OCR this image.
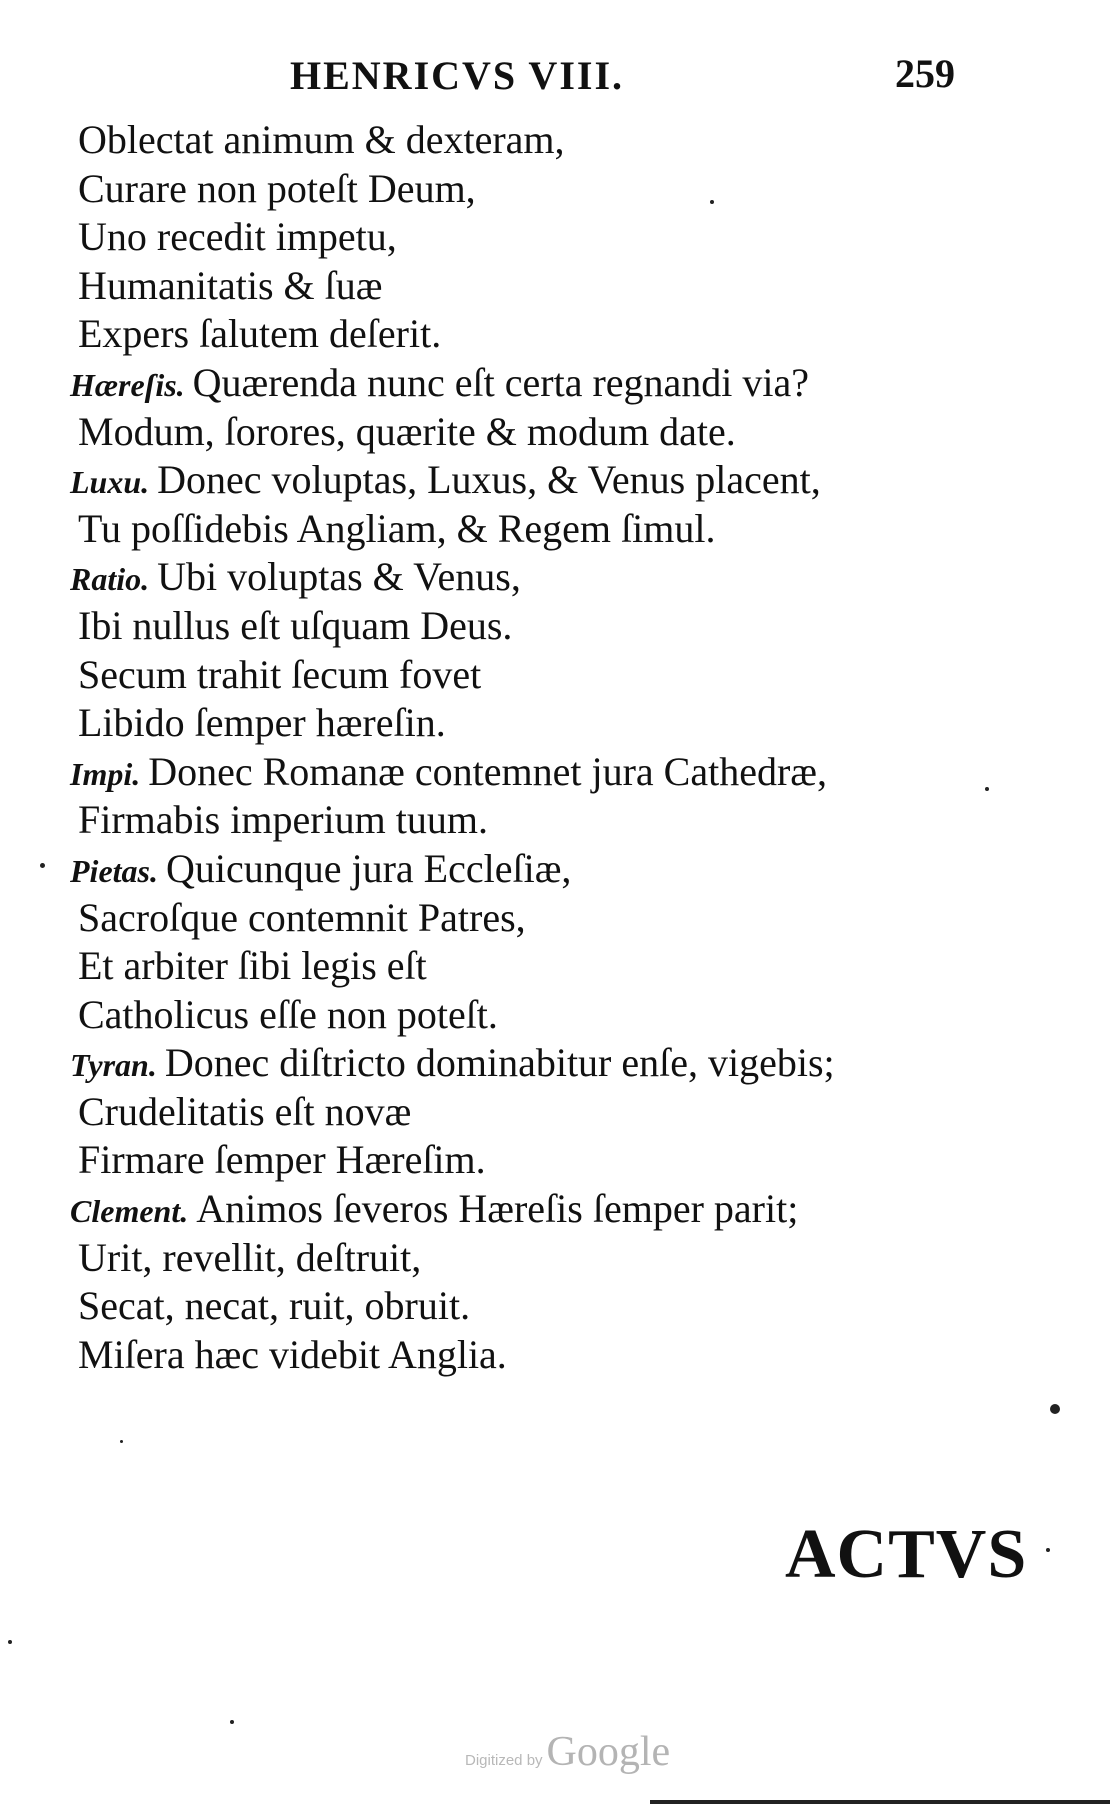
HENRICVS VIII.	259
Oblectat animum & dexteram,
Curare non poteſt Deum,
Uno recedit impetu,
Humanitatis & ſuæ
Expers ſalutem deſerit.
Hæreſis. Quærenda nunc eſt certa regnandi via?
Modum, ſorores, quærite & modum date.
Luxu. Donec voluptas, Luxus, & Venus placent,
Tu poſſidebis Angliam, & Regem ſimul.
Ratio. Ubi voluptas & Venus,
Ibi nullus eſt uſquam Deus.
Secum trahit ſecum fovet
Libido ſemper hæreſin.
Impi. Donec Romanæ contemnet jura Cathedræ,
Firmabis imperium tuum.
Pietas. Quicunque jura Eccleſiæ,
Sacroſque contemnit Patres,
Et arbiter ſibi legis eſt
Catholicus eſſe non poteſt.
Tyran. Donec diſtricto dominabitur enſe, vigebis;
Crudelitatis eſt novæ
Firmare ſemper Hæreſim.
Clement. Animos ſeveros Hæreſis ſemper parit;
Urit, revellit, deſtruit,
Secat, necat, ruit, obruit.
Miſera hæc videbit Anglia.
ACTVS
Digitized byGoogle
